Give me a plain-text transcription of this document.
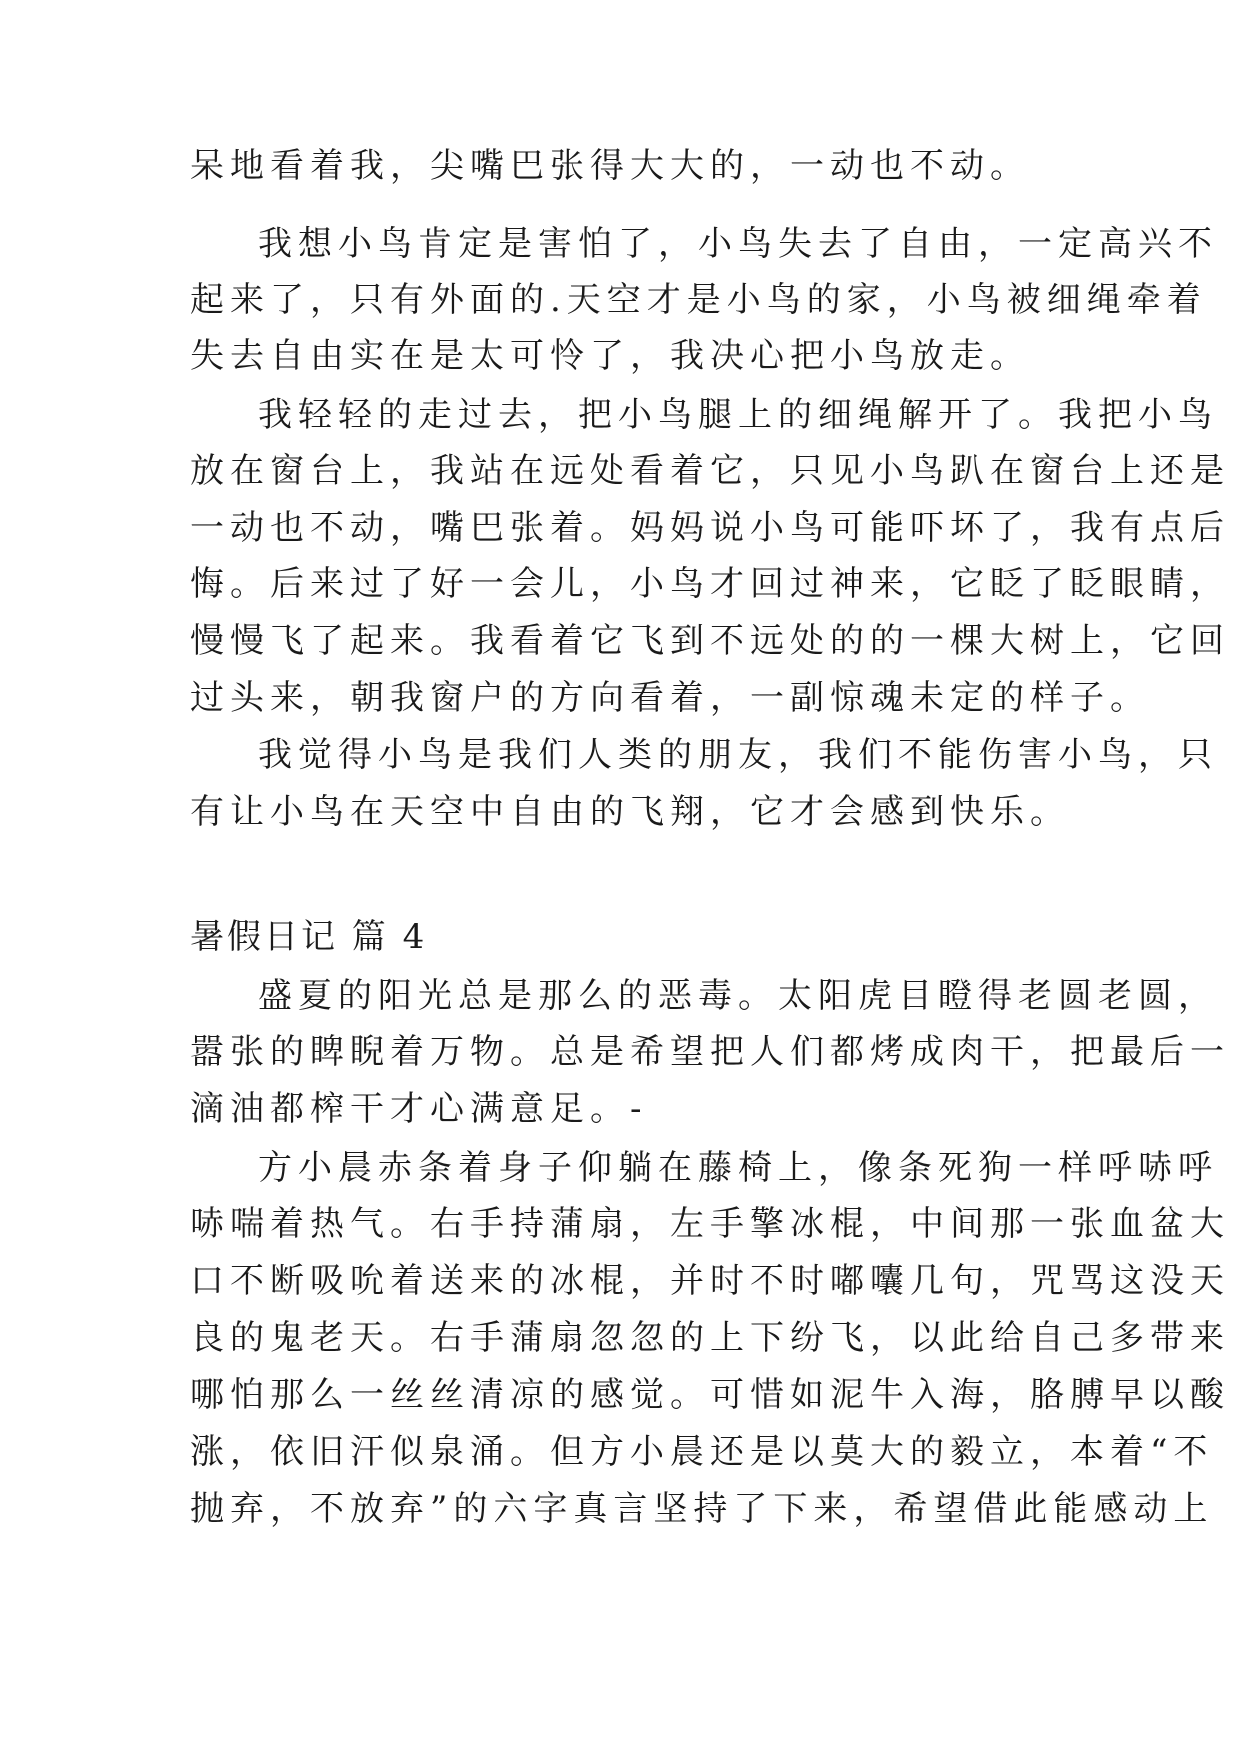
呆地看着我，尖嘴巴张得大大的，一动也不动。
我想小鸟肯定是害怕了，小鸟失去了自由，一定高兴不
起来了，只有外面的.天空才是小鸟的家，小鸟被细绳牵着
失去自由实在是太可怜了，我决心把小鸟放走。
我轻轻的走过去，把小鸟腿上的细绳解开了。我把小鸟
放在窗台上，我站在远处看着它，只见小鸟趴在窗台上还是
一动也不动，嘴巴张着。妈妈说小鸟可能吓坏了，我有点后
悔。后来过了好一会儿，小鸟才回过神来，它眨了眨眼睛，
慢慢飞了起来。我看着它飞到不远处的的一棵大树上，它回
过头来，朝我窗户的方向看着，一副惊魂未定的样子。
我觉得小鸟是我们人类的朋友，我们不能伤害小鸟，只
有让小鸟在天空中自由的飞翔，它才会感到快乐。
暑假日记 篇 4
盛夏的阳光总是那么的恶毒。太阳虎目瞪得老圆老圆，
嚣张的睥睨着万物。总是希望把人们都烤成肉干，把最后一
滴油都榨干才心满意足。-
方小晨赤条着身子仰躺在藤椅上，像条死狗一样呼哧呼
哧喘着热气。右手持蒲扇，左手擎冰棍，中间那一张血盆大
口不断吸吮着送来的冰棍，并时不时嘟囔几句，咒骂这没天
良的鬼老天。右手蒲扇忽忽的上下纷飞，以此给自己多带来
哪怕那么一丝丝清凉的感觉。可惜如泥牛入海，胳膊早以酸
涨，依旧汗似泉涌。但方小晨还是以莫大的毅立，本着“不
抛弃，不放弃”的六字真言坚持了下来，希望借此能感动上
